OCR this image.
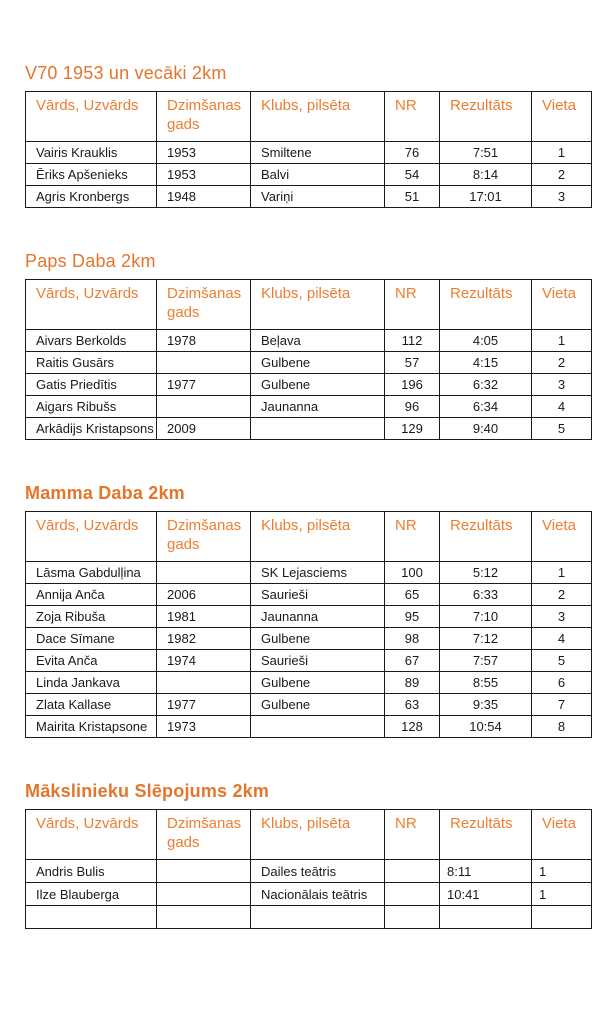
V70 1953 un vecāki 2km
Vārds, Uzvārds	Dzimšanas gads	Klubs, pilsēta	NR	Rezultāts	Vieta
Vairis Krauklis	1953	Smiltene	76	7:51	1
Ēriks Apšenieks	1953	Balvi	54	8:14	2
Agris Kronbergs	1948	Variņi	51	17:01	3
Paps Daba 2km
Vārds, Uzvārds	Dzimšanas gads	Klubs, pilsēta	NR	Rezultāts	Vieta
Aivars Berkolds	1978	Beļava	112	4:05	1
Raitis Gusārs		Gulbene	57	4:15	2
Gatis Priedītis	1977	Gulbene	196	6:32	3
Aigars Ribušs		Jaunanna	96	6:34	4
Arkādijs Kristapsons	2009		129	9:40	5
Mamma Daba 2km
Vārds, Uzvārds	Dzimšanas gads	Klubs, pilsēta	NR	Rezultāts	Vieta
Lāsma Gabdulļina		SK Lejasciems	100	5:12	1
Annija Anča	2006	Saurieši	65	6:33	2
Zoja Ribuša	1981	Jaunanna	95	7:10	3
Dace Sīmane	1982	Gulbene	98	7:12	4
Evita Anča	1974	Saurieši	67	7:57	5
Linda Jankava		Gulbene	89	8:55	6
Zlata Kallase	1977	Gulbene	63	9:35	7
Mairita Kristapsone	1973		128	10:54	8
Mākslinieku Slēpojums 2km
Vārds, Uzvārds	Dzimšanas gads	Klubs, pilsēta	NR	Rezultāts	Vieta
Andris Bulis		Dailes teātris		8:11	1
Ilze Blauberga		Nacionālais teātris		10:41	1
